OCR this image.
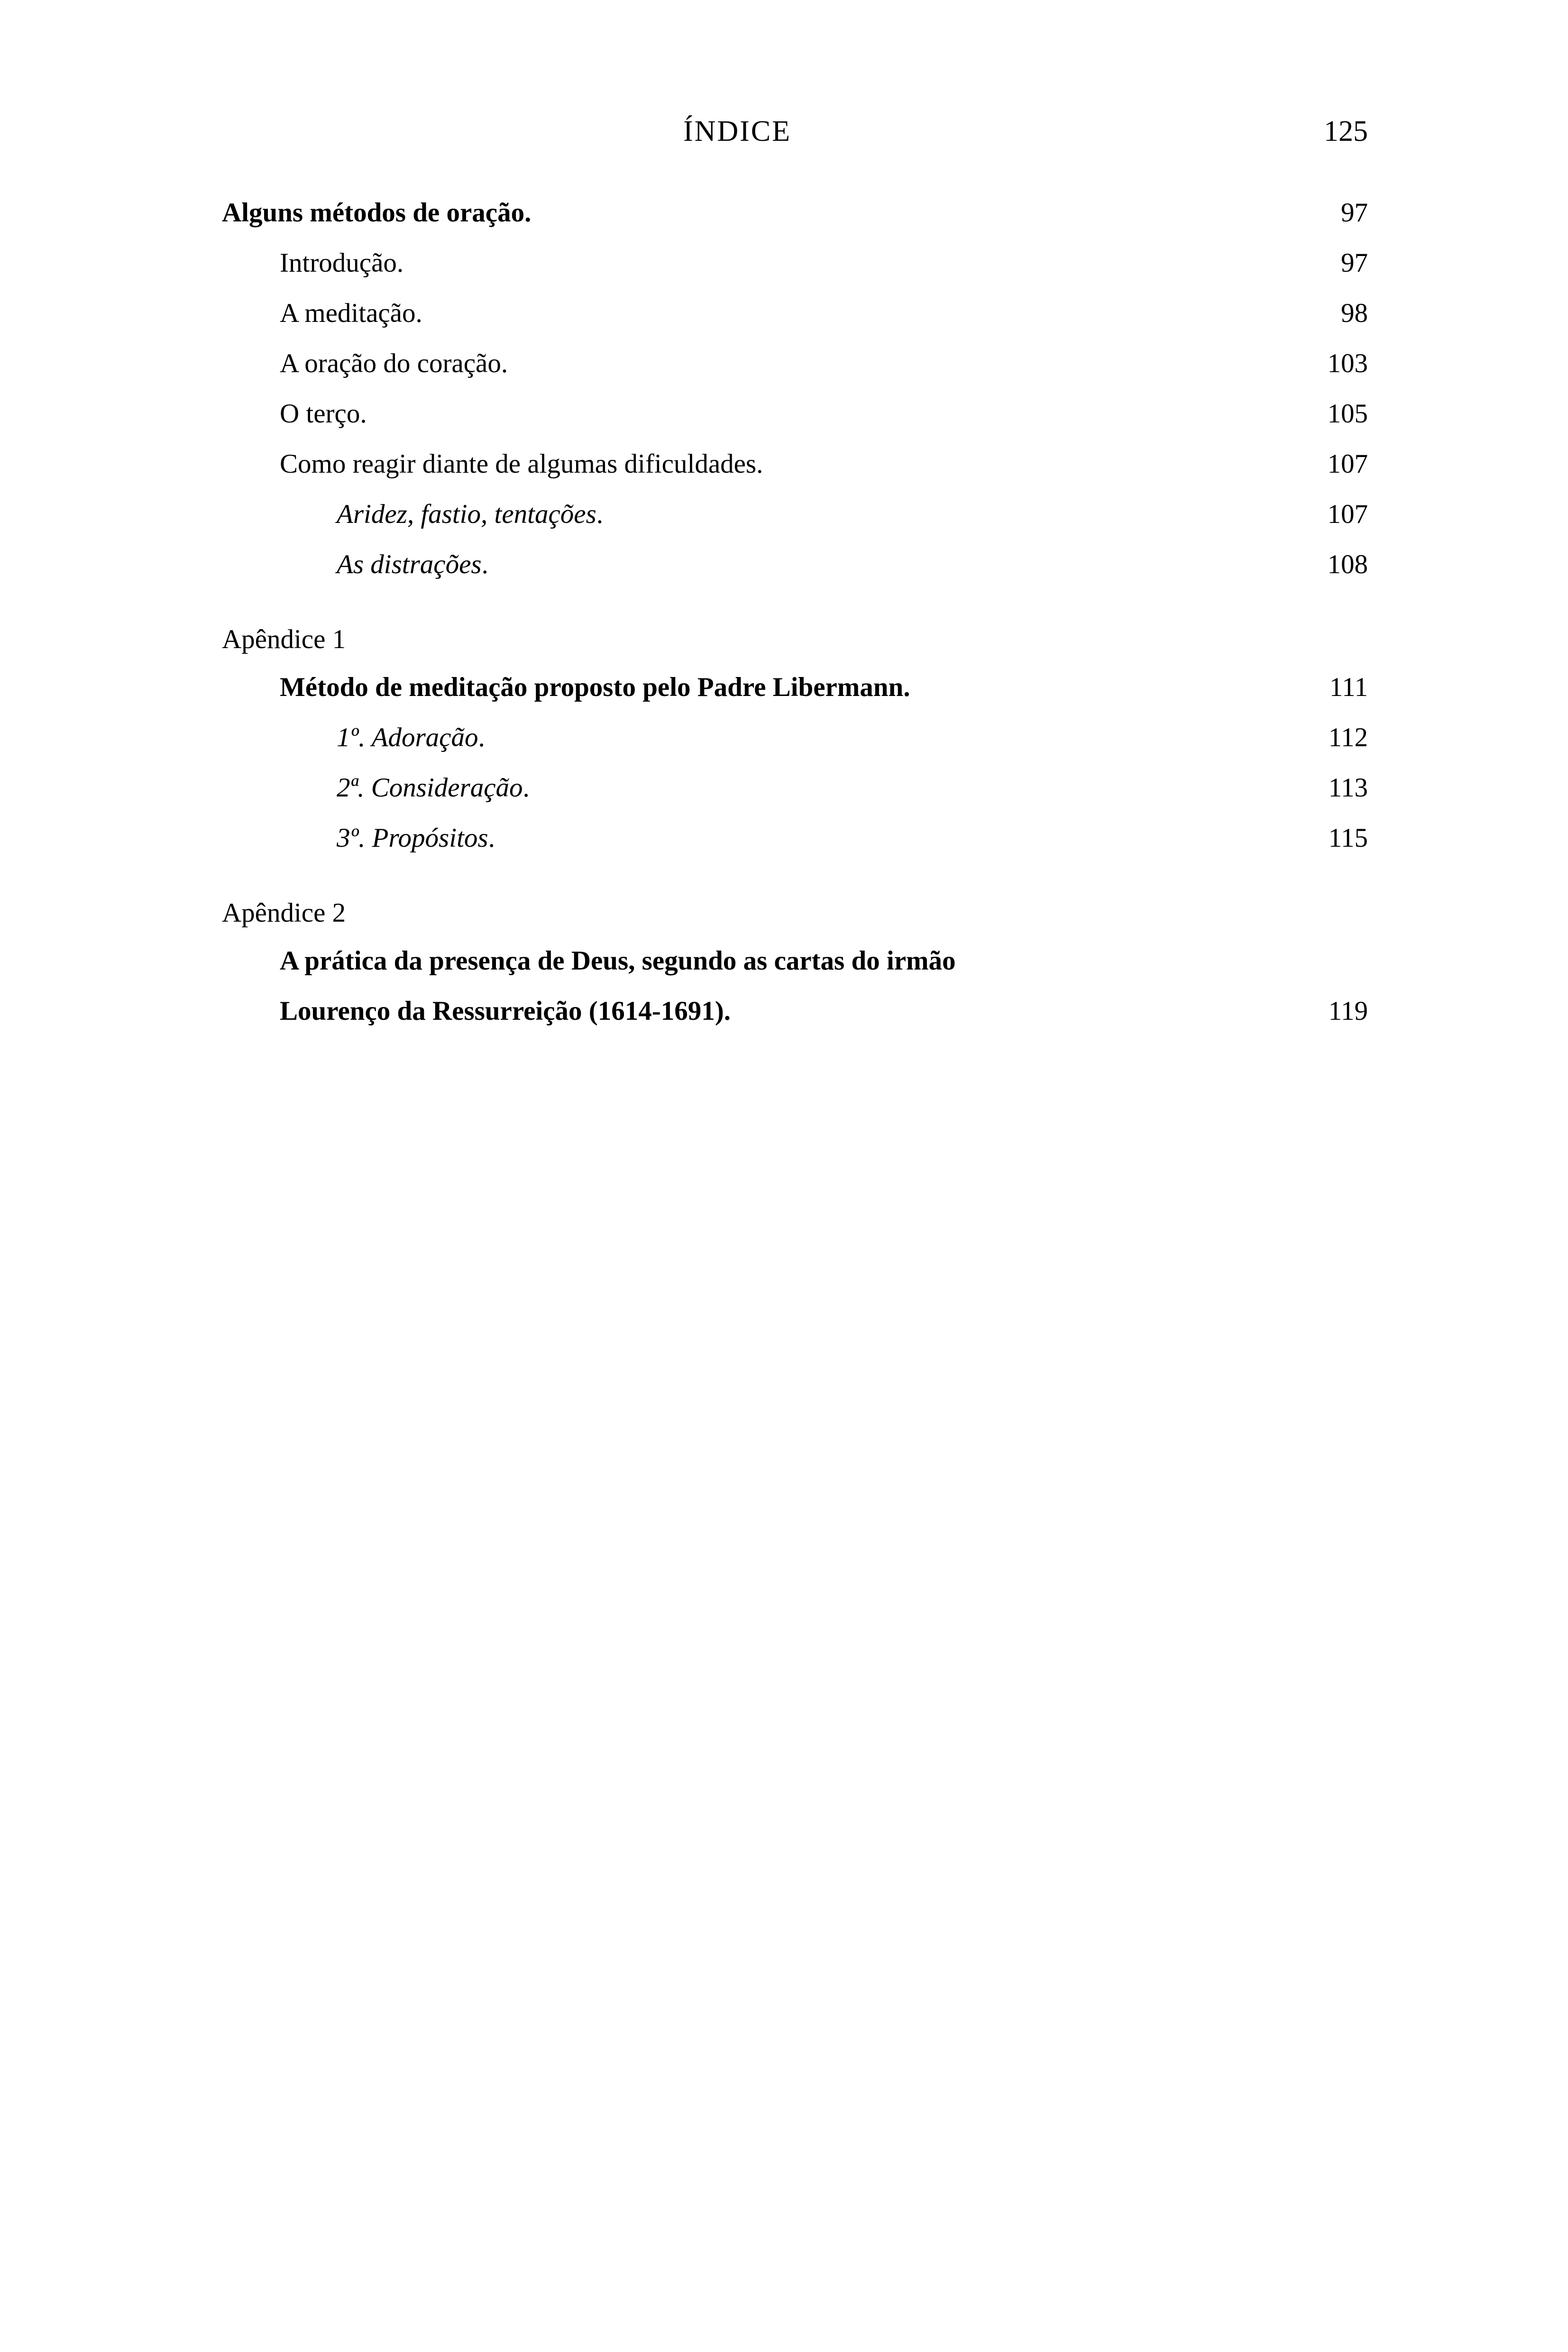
ÍNDICE	125
Alguns métodos de oração .	97
Introdução .	97
A meditação .	98
A oração do coração .	103
O terço .	105
Como reagir diante de algumas dificuldades .	107
Aridez, fastio, tentações .	107
As distrações .	108
Apêndice 1
Método de meditação proposto pelo Padre Libermann .	111
1º. Adoração .	112
2ª. Consideração .	113
3º. Propósitos .	115
Apêndice 2
A prática da presença de Deus, segundo as cartas do irmão
Lourenço da Ressurreição (1614-1691) .	119
